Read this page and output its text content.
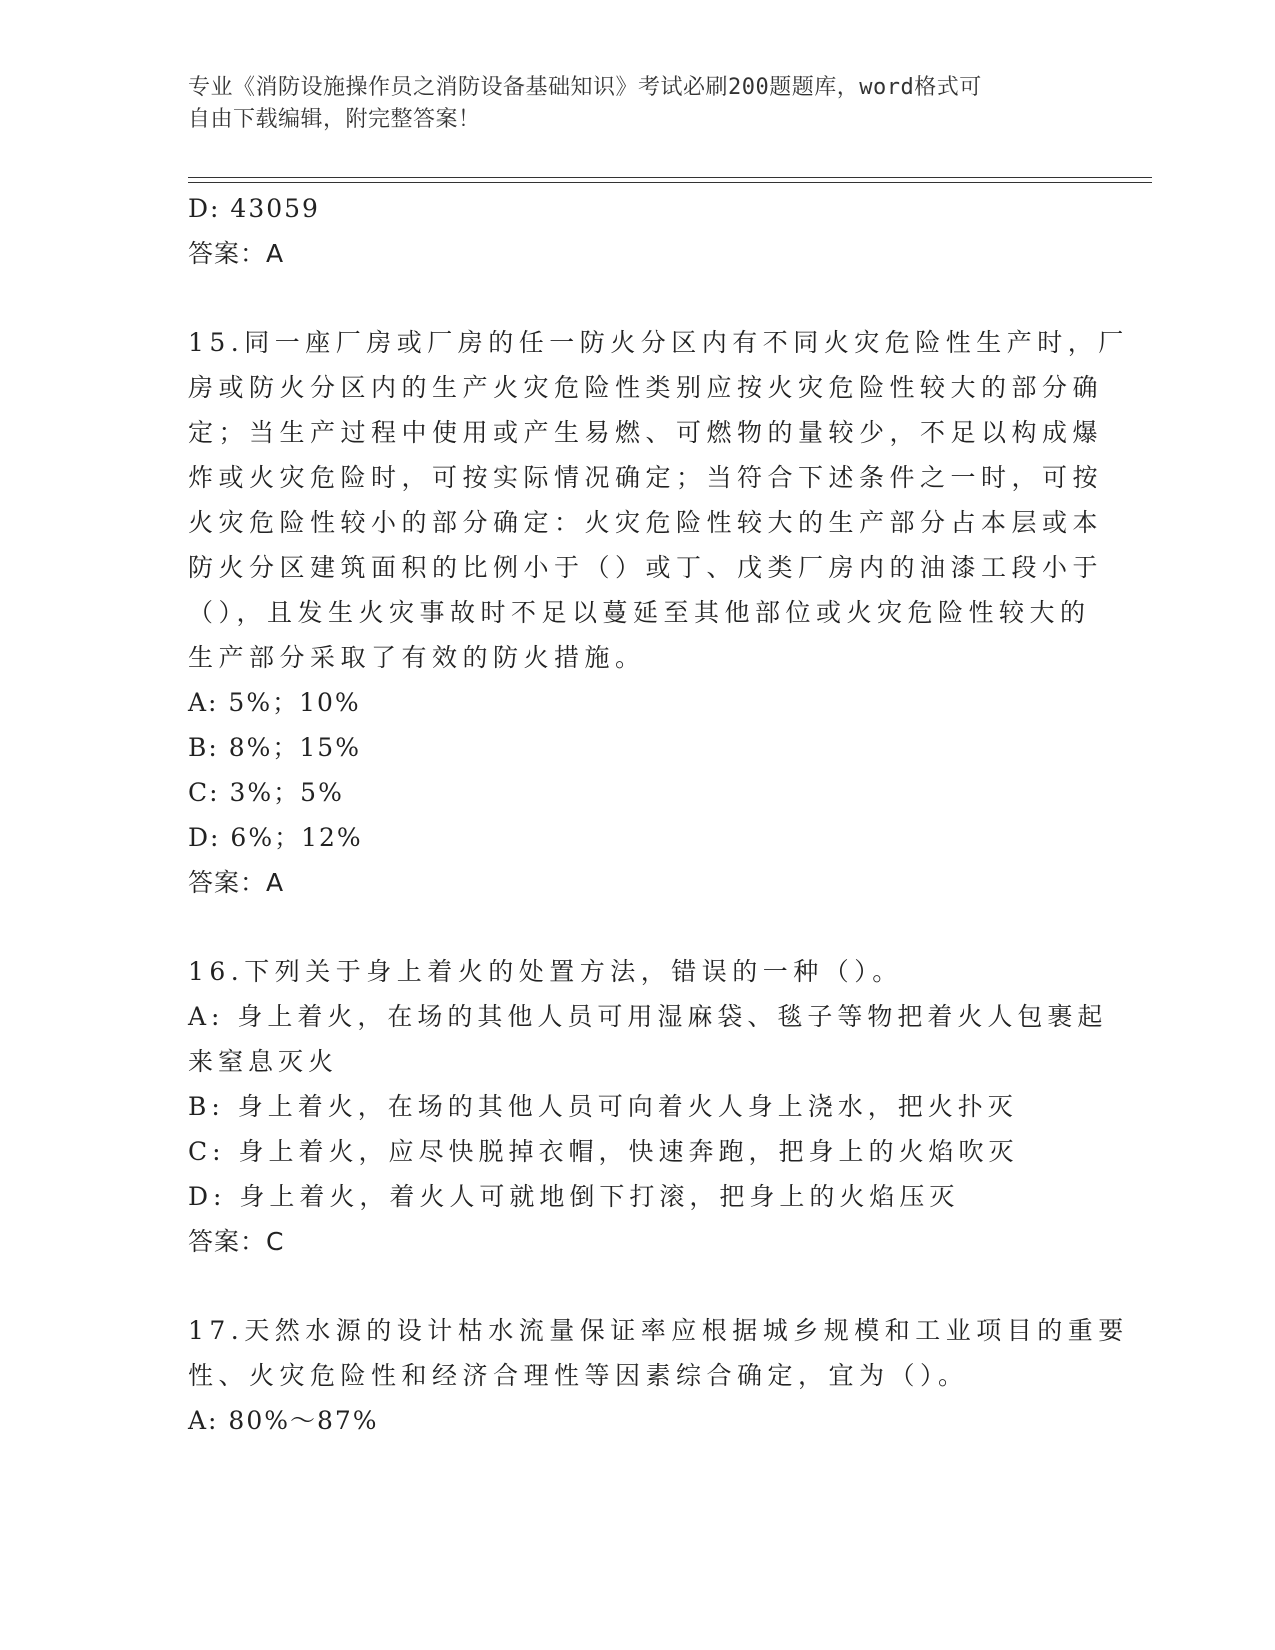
专业《消防设施操作员之消防设备基础知识》考试必刷200题题库，word格式可
自由下载编辑，附完整答案！
D: 43059
答案：A
15.同一座厂房或厂房的任一防火分区内有不同火灾危险性生产时，厂
房或防火分区内的生产火灾危险性类别应按火灾危险性较大的部分确
定；当生产过程中使用或产生易燃、可燃物的量较少，不足以构成爆
炸或火灾危险时，可按实际情况确定；当符合下述条件之一时，可按
火灾危险性较小的部分确定：火灾危险性较大的生产部分占本层或本
防火分区建筑面积的比例小于（）或丁、戊类厂房内的油漆工段小于
（），且发生火灾事故时不足以蔓延至其他部位或火灾危险性较大的
生产部分采取了有效的防火措施。
A: 5%；10%
B: 8%；15%
C: 3%；5%
D: 6%；12%
答案：A
16.下列关于身上着火的处置方法，错误的一种（）。
A: 身上着火，在场的其他人员可用湿麻袋、毯子等物把着火人包裹起
来窒息灭火
B: 身上着火，在场的其他人员可向着火人身上浇水，把火扑灭
C: 身上着火，应尽快脱掉衣帽，快速奔跑，把身上的火焰吹灭
D: 身上着火，着火人可就地倒下打滚，把身上的火焰压灭
答案：C
17.天然水源的设计枯水流量保证率应根据城乡规模和工业项目的重要
性、火灾危险性和经济合理性等因素综合确定，宜为（）。
A: 80%～87%
